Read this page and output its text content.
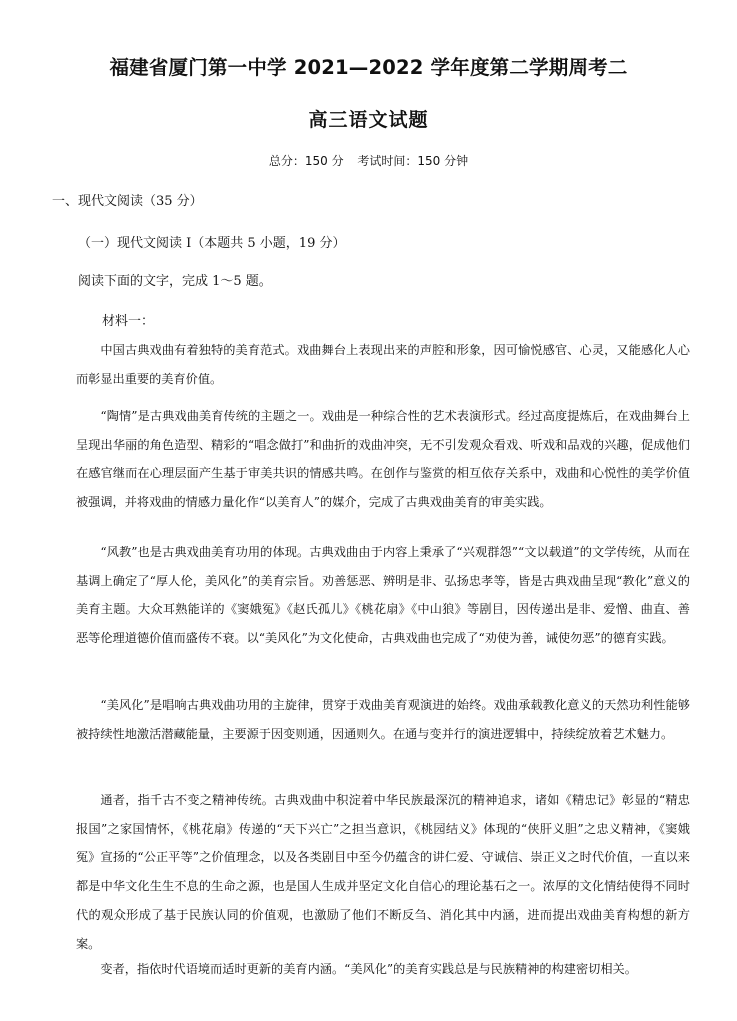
福建省厦门第一中学 2021—2022 学年度第二学期周考二
高三语文试题
总分：150 分 考试时间：150 分钟
一、现代文阅读（35 分）
（一）现代文阅读 I（本题共 5 小题，19 分）
阅读下面的文字，完成 1～5 题。
材料一：

中国古典戏曲有着独特的美育范式。戏曲舞台上表现出来的声腔和形象，因可愉悦感官、心灵，又能感化人心而彰显出重要的美育价值。

“陶情”是古典戏曲美育传统的主题之一。戏曲是一种综合性的艺术表演形式。经过高度提炼后，在戏曲舞台上呈现出华丽的角色造型、精彩的“唱念做打”和曲折的戏曲冲突，无不引发观众看戏、听戏和品戏的兴趣，促成他们在感官继而在心理层面产生基于审美共识的情感共鸣。在创作与鉴赏的相互依存关系中，戏曲和心悦性的美学价值被强调，并将戏曲的情感力量化作“以美育人”的媒介，完成了古典戏曲美育的审美实践。

“风教”也是古典戏曲美育功用的体现。古典戏曲由于内容上秉承了“兴观群怨”“文以载道”的文学传统，从而在基调上确定了“厚人伦，美风化”的美育宗旨。劝善惩恶、辨明是非、弘扬忠孝等，皆是古典戏曲呈现“教化”意义的美育主题。大众耳熟能详的《窦娥冤》《赵氏孤儿》《桃花扇》《中山狼》等剧目，因传递出是非、爱憎、曲直、善恶等伦理道德价值而盛传不衰。以“美风化”为文化使命，古典戏曲也完成了“劝使为善，诫使勿恶”的德育实践。

“美风化”是唱响古典戏曲功用的主旋律，贯穿于戏曲美育观演进的始终。戏曲承载教化意义的天然功利性能够被持续性地激活潜藏能量，主要源于因变则通，因通则久。在通与变并行的演进逻辑中，持续绽放着艺术魅力。

通者，指千古不变之精神传统。古典戏曲中积淀着中华民族最深沉的精神追求，诸如《精忠记》彰显的“精忠报国”之家国情怀，《桃花扇》传递的“天下兴亡”之担当意识，《桃园结义》体现的“侠肝义胆”之忠义精神，《窦娥冤》宣扬的“公正平等”之价值理念，以及各类剧目中至今仍蕴含的讲仁爱、守诚信、崇正义之时代价值，一直以来都是中华文化生生不息的生命之源，也是国人生成并坚定文化自信心的理论基石之一。浓厚的文化情结使得不同时代的观众形成了基于民族认同的价值观，也激励了他们不断反刍、消化其中内涵，进而提出戏曲美育构想的新方案。

变者，指依时代语境而适时更新的美育内涵。“美风化”的美育实践总是与民族精神的构建密切相关。
